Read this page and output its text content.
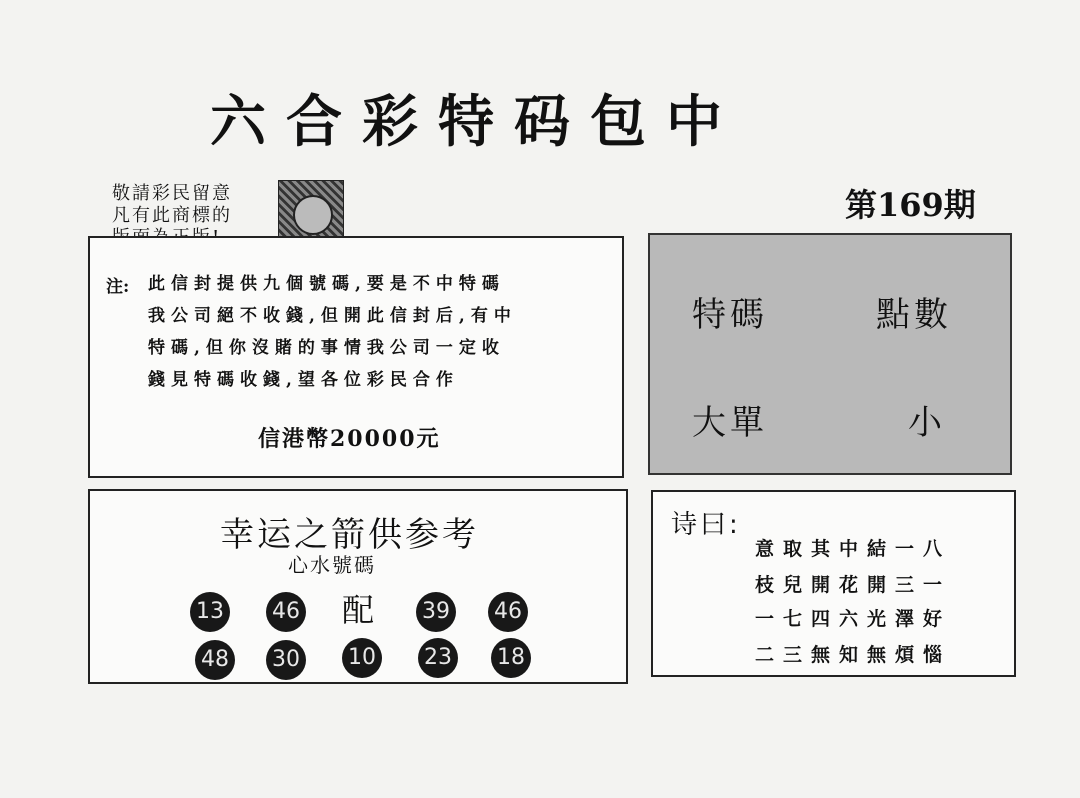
六合彩特码包中
敬請彩民留意
凡有此商標的	第169期
注: 此信封提供九個號碼,要是不中特碼
我公司絕不收錢,但開此信封后,有中
特碼,但你沒賭的事情我公司一定收
錢見特碼收錢,望各位彩民合作
信港幣20000元
特碼	點數
大單	小
幸运之箭供参考
心水號碼
13 46 配 39 46
48 30 10 23 18
诗曰:
意取其中結一八
枝兒開花開三一
一七四六光澤好
二三無知無煩惱
